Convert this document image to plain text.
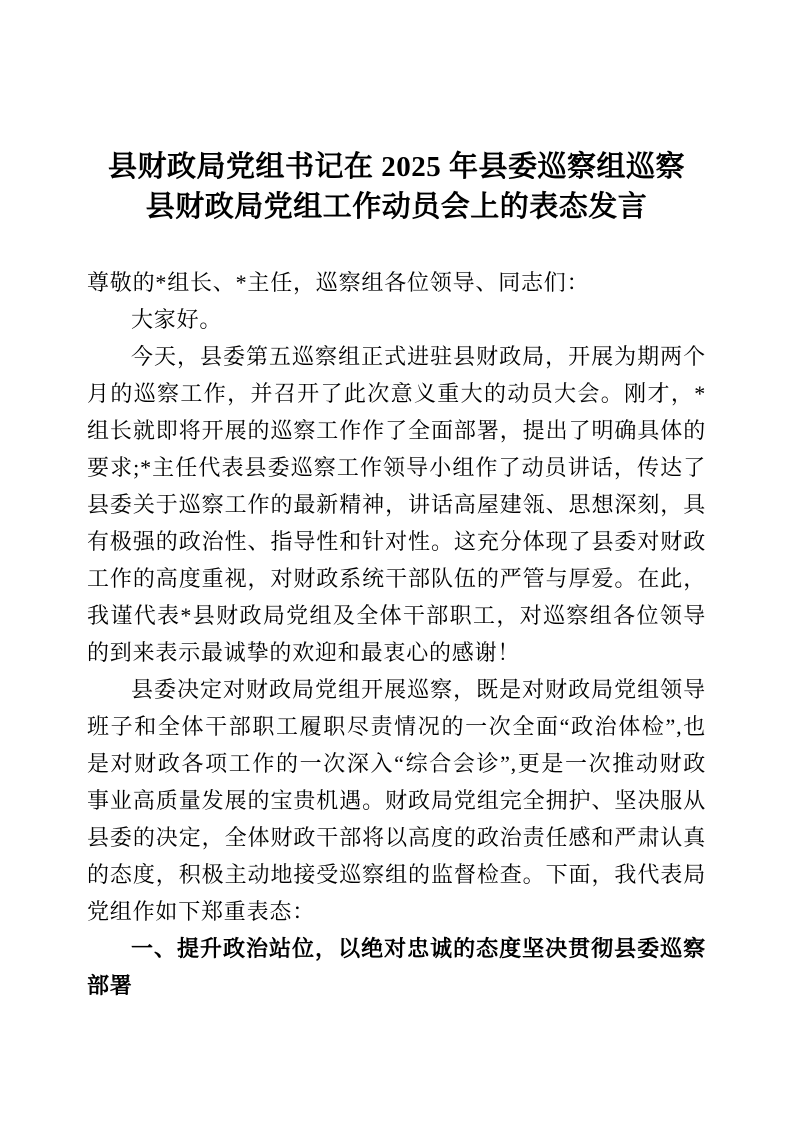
县财政局党组书记在 2025 年县委巡察组巡察
县财政局党组工作动员会上的表态发言

尊敬的*组长、*主任，巡察组各位领导、同志们：

大家好。

今天，县委第五巡察组正式进驻县财政局，开展为期两个月的巡察工作，并召开了此次意义重大的动员大会。刚才，*组长就即将开展的巡察工作作了全面部署，提出了明确具体的要求;*主任代表县委巡察工作领导小组作了动员讲话，传达了县委关于巡察工作的最新精神，讲话高屋建瓴、思想深刻，具有极强的政治性、指导性和针对性。这充分体现了县委对财政工作的高度重视，对财政系统干部队伍的严管与厚爱。在此，我谨代表*县财政局党组及全体干部职工，对巡察组各位领导的到来表示最诚挚的欢迎和最衷心的感谢！

县委决定对财政局党组开展巡察，既是对财政局党组领导班子和全体干部职工履职尽责情况的一次全面“政治体检”,也是对财政各项工作的一次深入“综合会诊”,更是一次推动财政事业高质量发展的宝贵机遇。财政局党组完全拥护、坚决服从县委的决定，全体财政干部将以高度的政治责任感和严肃认真的态度，积极主动地接受巡察组的监督检查。下面，我代表局党组作如下郑重表态：

一、提升政治站位，以绝对忠诚的态度坚决贯彻县委巡察部署
